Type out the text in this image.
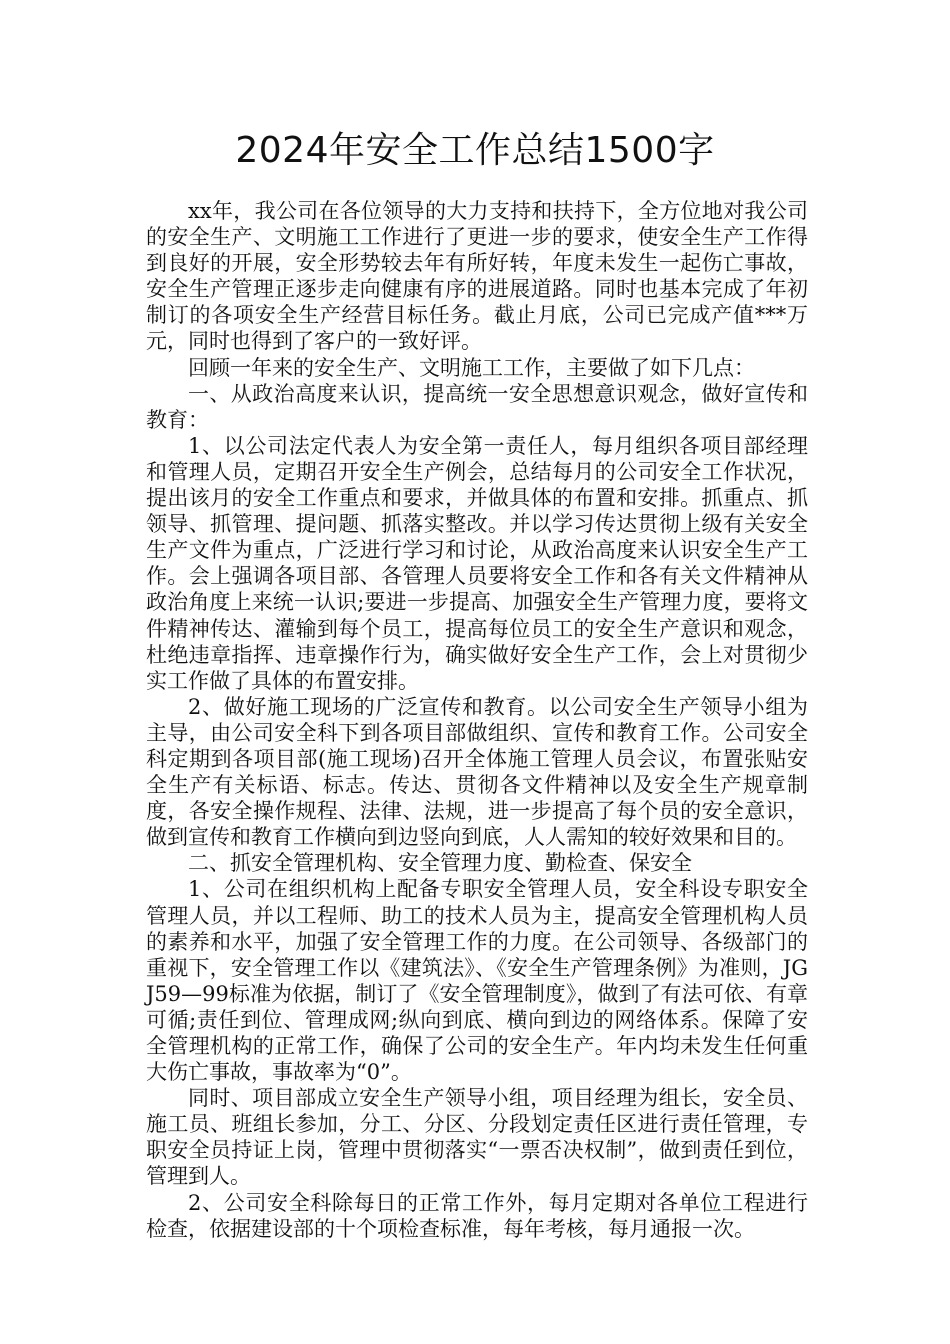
2024年安全工作总结1500字

xx年，我公司在各位领导的大力支持和扶持下，全方位地对我公司的安全生产、文明施工工作进行了更进一步的要求，使安全生产工作得到良好的开展，安全形势较去年有所好转，年度未发生一起伤亡事故，安全生产管理正逐步走向健康有序的进展道路。同时也基本完成了年初制订的各项安全生产经营目标任务。截止月底，公司已完成产值***万元，同时也得到了客户的一致好评。

回顾一年来的安全生产、文明施工工作，主要做了如下几点：

一、从政治高度来认识，提高统一安全思想意识观念，做好宣传和教育：

1、以公司法定代表人为安全第一责任人，每月组织各项目部经理和管理人员，定期召开安全生产例会，总结每月的公司安全工作状况，提出该月的安全工作重点和要求，并做具体的布置和安排。抓重点、抓领导、抓管理、提问题、抓落实整改。并以学习传达贯彻上级有关安全生产文件为重点，广泛进行学习和讨论，从政治高度来认识安全生产工作。会上强调各项目部、各管理人员要将安全工作和各有关文件精神从政治角度上来统一认识;要进一步提高、加强安全生产管理力度，要将文件精神传达、灌输到每个员工，提高每位员工的安全生产意识和观念，杜绝违章指挥、违章操作行为，确实做好安全生产工作，会上对贯彻少实工作做了具体的布置安排。

2、做好施工现场的广泛宣传和教育。以公司安全生产领导小组为主导，由公司安全科下到各项目部做组织、宣传和教育工作。公司安全科定期到各项目部(施工现场)召开全体施工管理人员会议，布置张贴安全生产有关标语、标志。传达、贯彻各文件精神以及安全生产规章制度，各安全操作规程、法律、法规，进一步提高了每个员的安全意识，做到宣传和教育工作横向到边竖向到底，人人需知的较好效果和目的。

二、抓安全管理机构、安全管理力度、勤检查、保安全

1、公司在组织机构上配备专职安全管理人员，安全科设专职安全管理人员，并以工程师、助工的技术人员为主，提高安全管理机构人员的素养和水平，加强了安全管理工作的力度。在公司领导、各级部门的重视下，安全管理工作以《建筑法》、《安全生产管理条例》为准则，JGJ59—99标准为依据，制订了《安全管理制度》，做到了有法可依、有章可循;责任到位、管理成网;纵向到底、横向到边的网络体系。保障了安全管理机构的正常工作，确保了公司的安全生产。年内均未发生任何重大伤亡事故，事故率为“0”。

同时、项目部成立安全生产领导小组，项目经理为组长，安全员、施工员、班组长参加，分工、分区、分段划定责任区进行责任管理，专职安全员持证上岗，管理中贯彻落实“一票否决权制”，做到责任到位，管理到人。

2、公司安全科除每日的正常工作外，每月定期对各单位工程进行检查，依据建设部的十个项检查标准，每年考核，每月通报一次。
